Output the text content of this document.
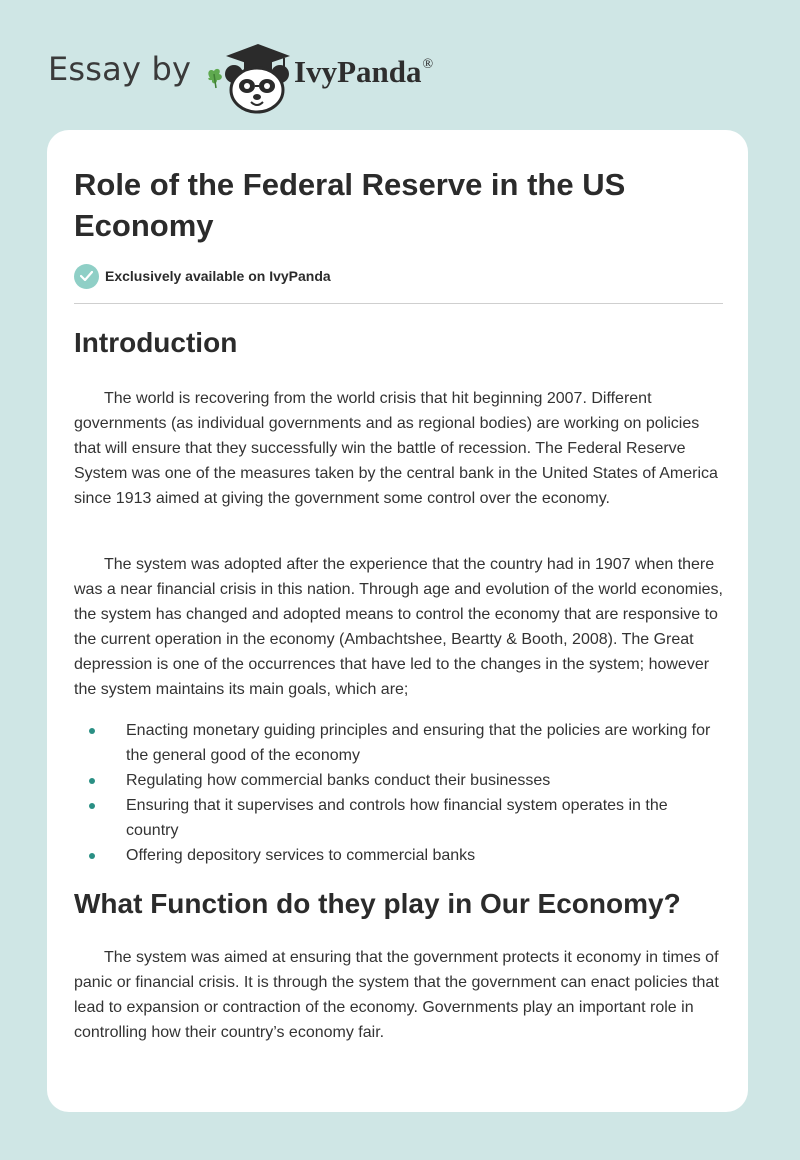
Essay by	IvyPanda®
Role of the Federal Reserve in the US Economy
Exclusively available on IvyPanda
Introduction

The world is recovering from the world crisis that hit beginning 2007. Different governments (as individual governments and as regional bodies) are working on policies that will ensure that they successfully win the battle of recession. The Federal Reserve System was one of the measures taken by the central bank in the United States of America since 1913 aimed at giving the government some control over the economy.

The system was adopted after the experience that the country had in 1907 when there was a near financial crisis in this nation. Through age and evolution of the world economies, the system has changed and adopted means to control the economy that are responsive to the current operation in the economy (Ambachtshee, Beartty & Booth, 2008). The Great depression is one of the occurrences that have led to the changes in the system; however the system maintains its main goals, which are;

Enacting monetary guiding principles and ensuring that the policies are working for the general good of the economy
Regulating how commercial banks conduct their businesses
Ensuring that it supervises and controls how financial system operates in the country
Offering depository services to commercial banks
What Function do they play in Our Economy?

The system was aimed at ensuring that the government protects it economy in times of panic or financial crisis. It is through the system that the government can enact policies that lead to expansion or contraction of the economy. Governments play an important role in controlling how their country’s economy fair.
